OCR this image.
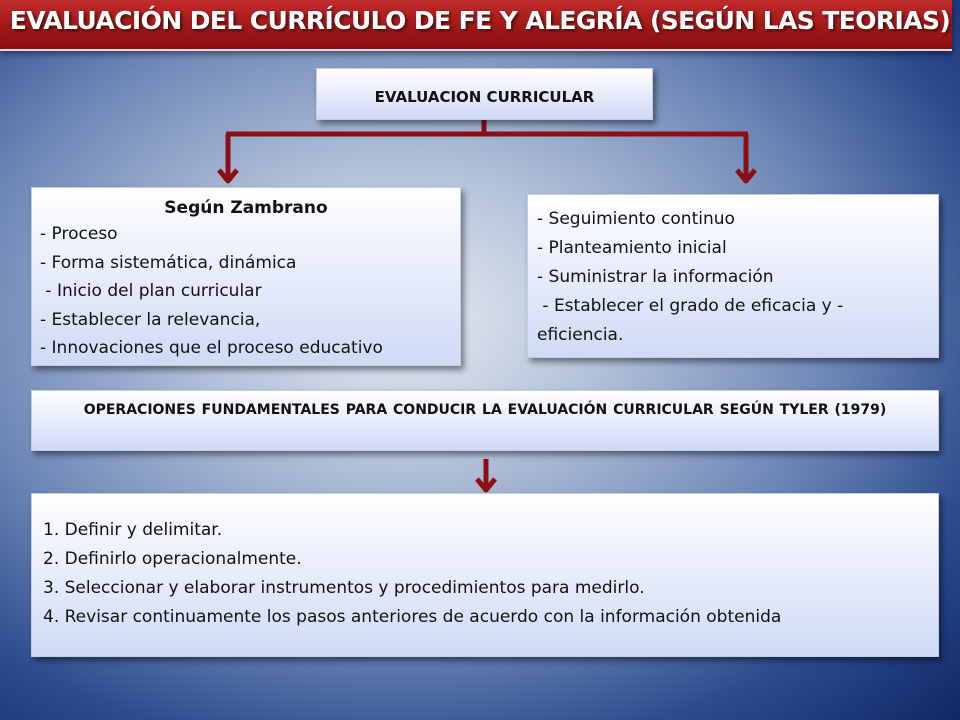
EVALUACIÓN DEL CURRÍCULO DE FE Y ALEGRÍA (SEGÚN LAS TEORIAS)
EVALUACION CURRICULAR
Según Zambrano
- Proceso
- Forma sistemática, dinámica
- Inicio del plan curricular
- Establecer la relevancia,
- Innovaciones que el proceso educativo
- Seguimiento continuo
- Planteamiento inicial
- Suministrar la información
- Establecer el grado de eficacia y - eficiencia.
OPERACIONES FUNDAMENTALES PARA CONDUCIR LA EVALUACIÓN CURRICULAR SEGÚN TYLER (1979)
1. Definir y delimitar.
2. Definirlo operacionalmente.
3. Seleccionar y elaborar instrumentos y procedimientos para medirlo.
4. Revisar continuamente los pasos anteriores de acuerdo con la información obtenida
